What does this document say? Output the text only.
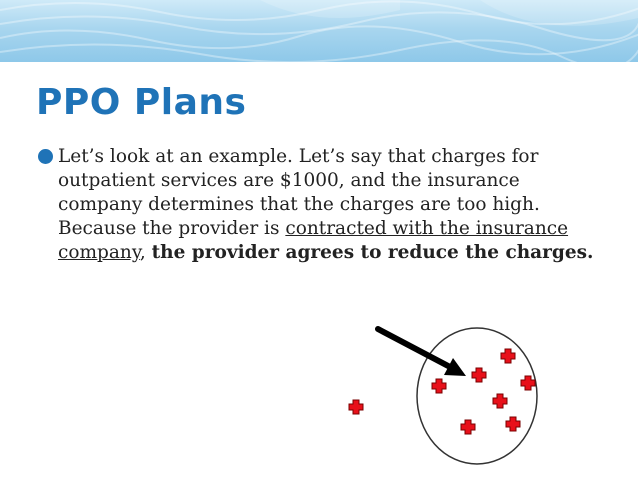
PPO Plans
Let’s look at an example. Let’s say that charges for outpatient services are $1000, and the insurance company determines that the charges are too high. Because the provider is contracted with the insurance company, the provider agrees to reduce the charges.
